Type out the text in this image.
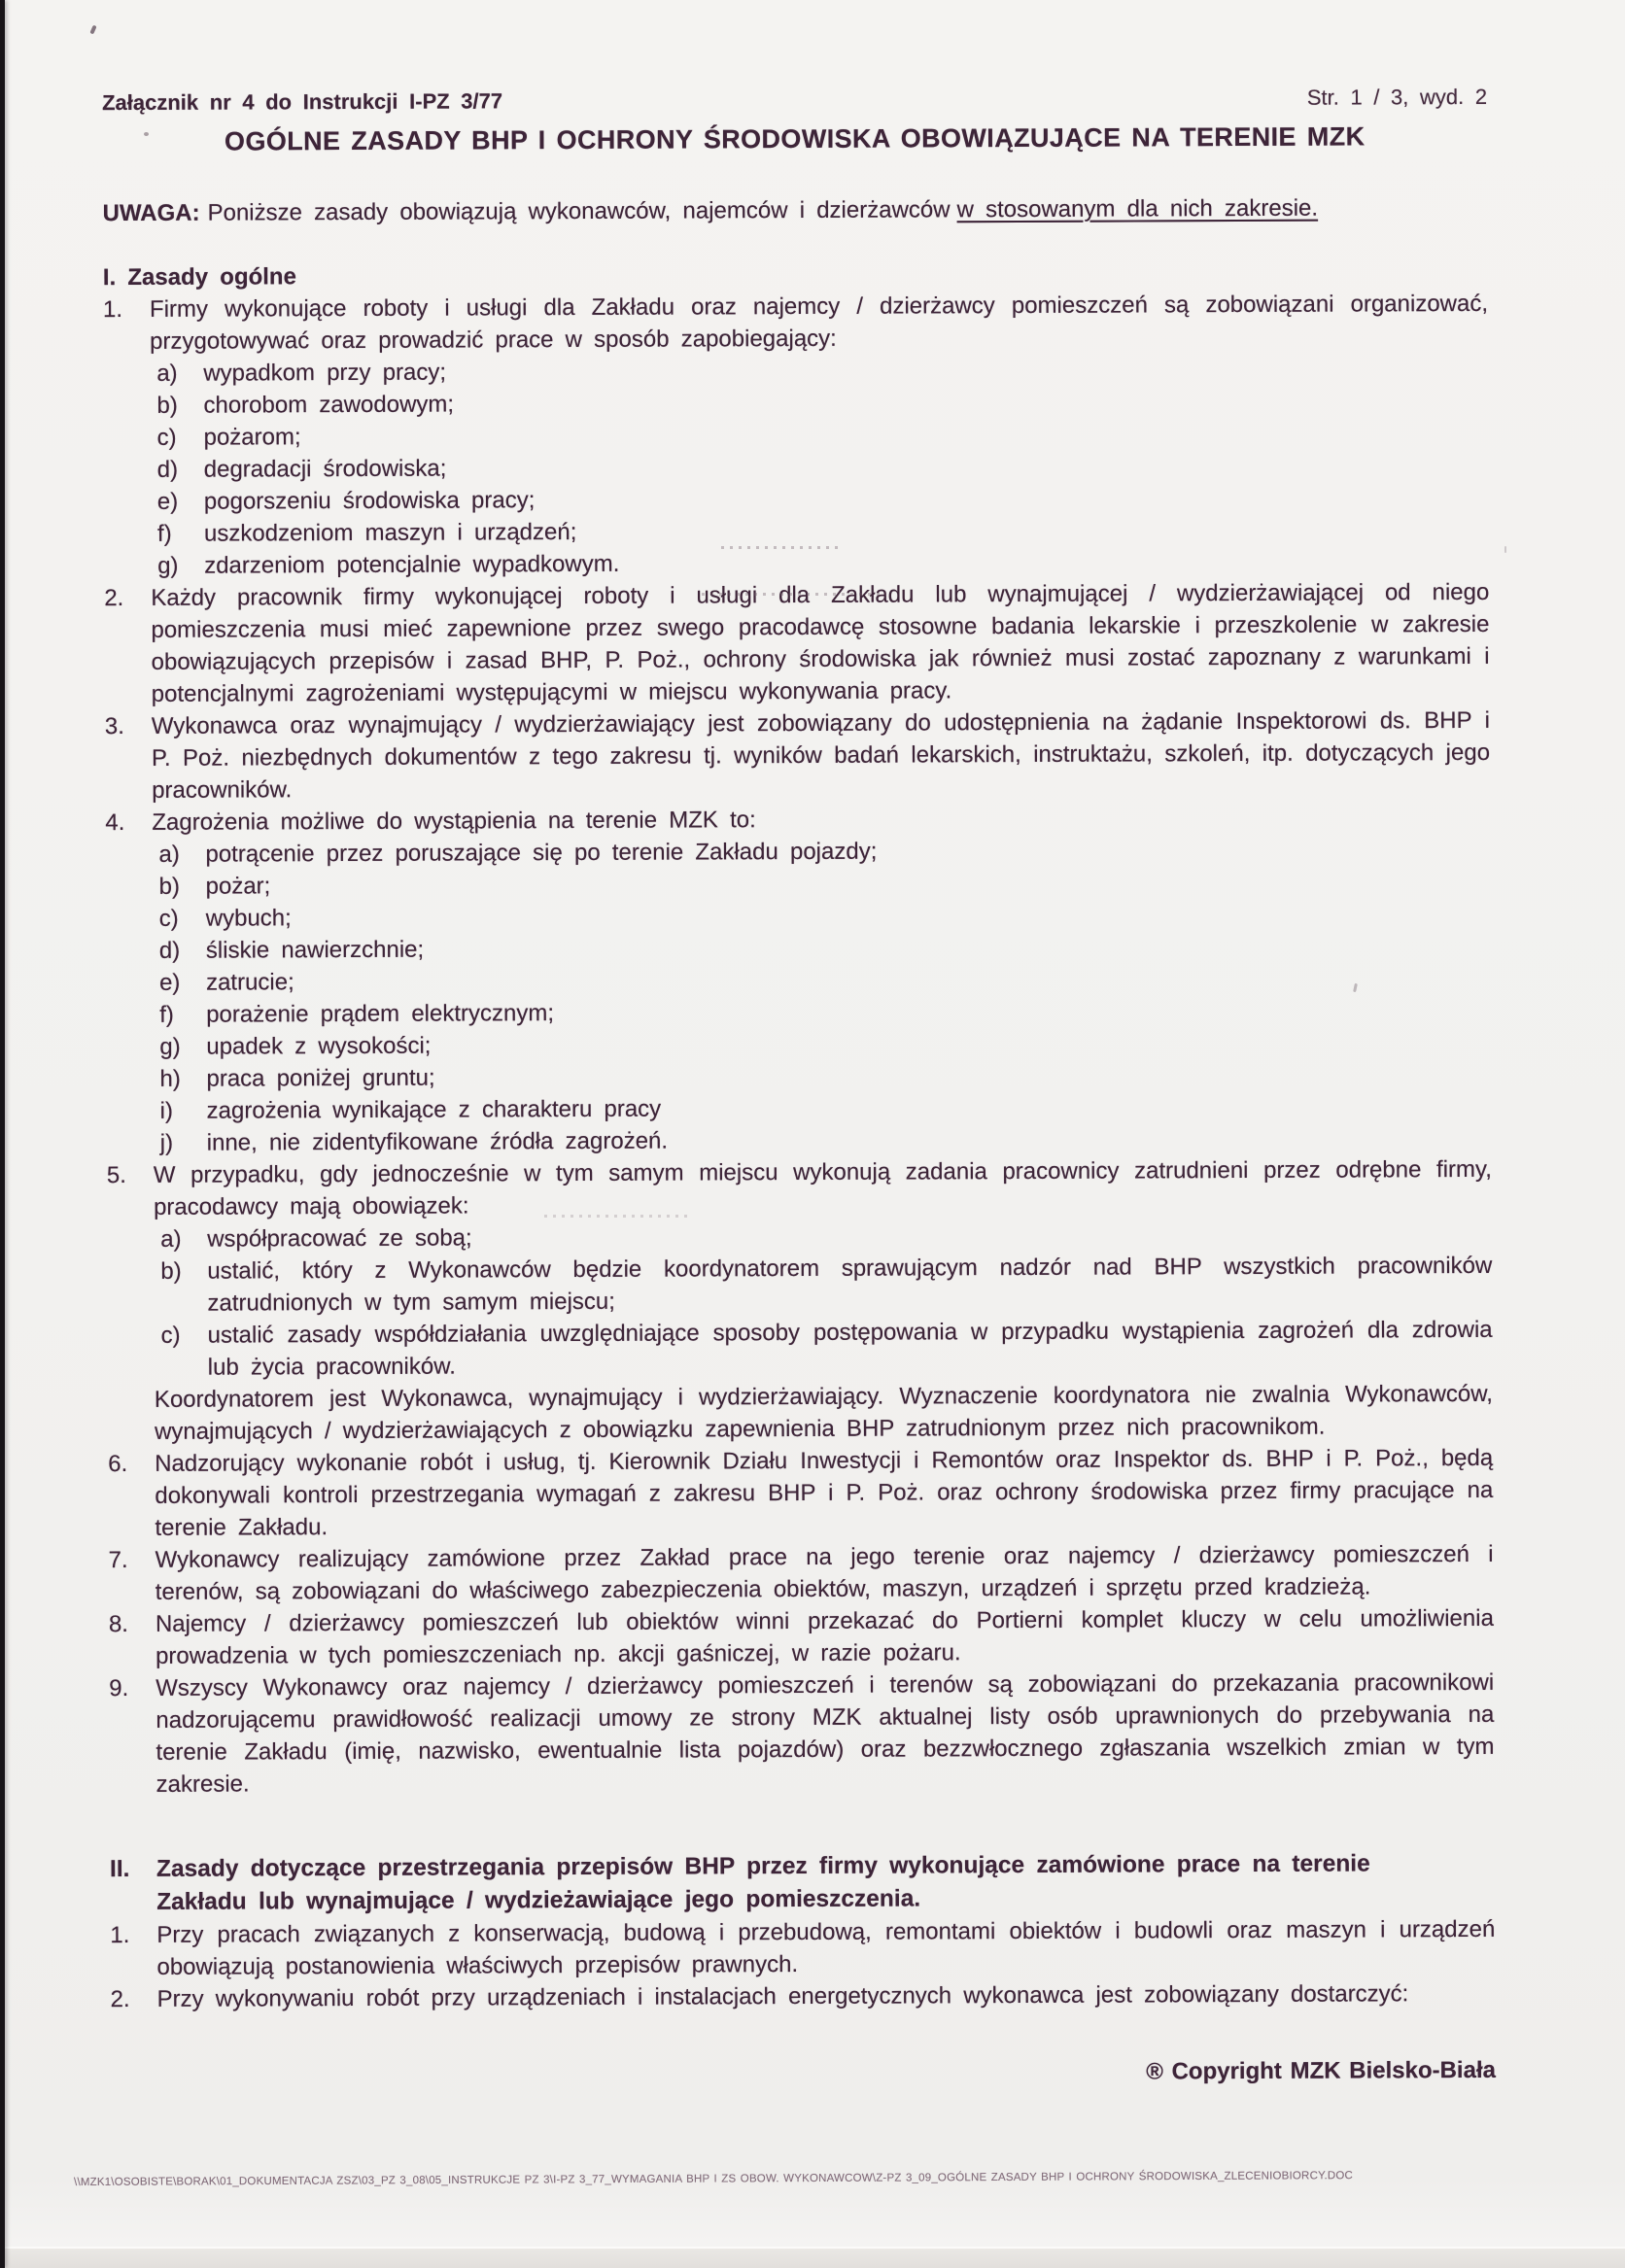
Załącznik nr 4 do Instrukcji I-PZ 3/77	Str. 1 / 3, wyd. 2
OGÓLNE ZASADY BHP I OCHRONY ŚRODOWISKA OBOWIĄZUJĄCE NA TERENIE MZK

UWAGA: Poniższe zasady obowiązują wykonawców, najemców i dzierżawców w stosowanym dla nich zakresie.

I. Zasady ogólne
1.	Firmy wykonujące roboty i usługi dla Zakładu oraz najemcy / dzierżawcy pomieszczeń są zobowiązani organizować, przygotowywać oraz prowadzić prace w sposób zapobiegający:
a)	wypadkom przy pracy;
b)	chorobom zawodowym;
c)	pożarom;
d)	degradacji środowiska;
e)	pogorszeniu środowiska pracy;
f)	uszkodzeniom maszyn i urządzeń;
g)	zdarzeniom potencjalnie wypadkowym.
2.	Każdy pracownik firmy wykonującej roboty i usługi dla Zakładu lub wynajmującej / wydzierżawiającej od niego pomieszczenia musi mieć zapewnione przez swego pracodawcę stosowne badania lekarskie i przeszkolenie w zakresie obowiązujących przepisów i zasad BHP, P. Poż., ochrony środowiska jak również musi zostać zapoznany z warunkami i potencjalnymi zagrożeniami występującymi w miejscu wykonywania pracy.
3.	Wykonawca oraz wynajmujący / wydzierżawiający jest zobowiązany do udostępnienia na żądanie Inspektorowi ds. BHP i P. Poż. niezbędnych dokumentów z tego zakresu tj. wyników badań lekarskich, instruktażu, szkoleń, itp. dotyczących jego pracowników.
4.	Zagrożenia możliwe do wystąpienia na terenie MZK to:
a)	potrącenie przez poruszające się po terenie Zakładu pojazdy;
b)	pożar;
c)	wybuch;
d)	śliskie nawierzchnie;
e)	zatrucie;
f)	porażenie prądem elektrycznym;
g)	upadek z wysokości;
h)	praca poniżej gruntu;
i)	zagrożenia wynikające z charakteru pracy
j)	inne, nie zidentyfikowane źródła zagrożeń.
5.	W przypadku, gdy jednocześnie w tym samym miejscu wykonują zadania pracownicy zatrudnieni przez odrębne firmy, pracodawcy mają obowiązek:
a)	współpracować ze sobą;
b)	ustalić, który z Wykonawców będzie koordynatorem sprawującym nadzór nad BHP wszystkich pracowników zatrudnionych w tym samym miejscu;
c)	ustalić zasady współdziałania uwzględniające sposoby postępowania w przypadku wystąpienia zagrożeń dla zdrowia lub życia pracowników.
Koordynatorem jest Wykonawca, wynajmujący i wydzierżawiający. Wyznaczenie koordynatora nie zwalnia Wykonawców, wynajmujących / wydzierżawiających z obowiązku zapewnienia BHP zatrudnionym przez nich pracownikom.
6.	Nadzorujący wykonanie robót i usług, tj. Kierownik Działu Inwestycji i Remontów oraz Inspektor ds. BHP i P. Poż., będą dokonywali kontroli przestrzegania wymagań z zakresu BHP i P. Poż. oraz ochrony środowiska przez firmy pracujące na terenie Zakładu.
7.	Wykonawcy realizujący zamówione przez Zakład prace na jego terenie oraz najemcy / dzierżawcy pomieszczeń i terenów, są zobowiązani do właściwego zabezpieczenia obiektów, maszyn, urządzeń i sprzętu przed kradzieżą.
8.	Najemcy / dzierżawcy pomieszczeń lub obiektów winni przekazać do Portierni komplet kluczy w celu umożliwienia prowadzenia w tych pomieszczeniach np. akcji gaśniczej, w razie pożaru.
9.	Wszyscy Wykonawcy oraz najemcy / dzierżawcy pomieszczeń i terenów są zobowiązani do przekazania pracownikowi nadzorującemu prawidłowość realizacji umowy ze strony MZK aktualnej listy osób uprawnionych do przebywania na terenie Zakładu (imię, nazwisko, ewentualnie lista pojazdów) oraz bezzwłocznego zgłaszania wszelkich zmian w tym zakresie.
II.	Zasady dotyczące przestrzegania przepisów BHP przez firmy wykonujące zamówione prace na terenie Zakładu lub wynajmujące / wydzieżawiające jego pomieszczenia.
1.	Przy pracach związanych z konserwacją, budową i przebudową, remontami obiektów i budowli oraz maszyn i urządzeń obowiązują postanowienia właściwych przepisów prawnych.
2.	Przy wykonywaniu robót przy urządzeniach i instalacjach energetycznych wykonawca jest zobowiązany dostarczyć:
® Copyright MZK Bielsko-Biała
\\MZK1\OSOBISTE\BORAK\01_DOKUMENTACJA ZSZ\03_PZ 3_08\05_INSTRUKCJE PZ 3\I-PZ 3_77_WYMAGANIA BHP I ZS OBOW. WYKONAWCOW\Z-PZ 3_09_OGÓLNE ZASADY BHP I OCHRONY ŚRODOWISKA_ZLECENIOBIORCY.DOC
